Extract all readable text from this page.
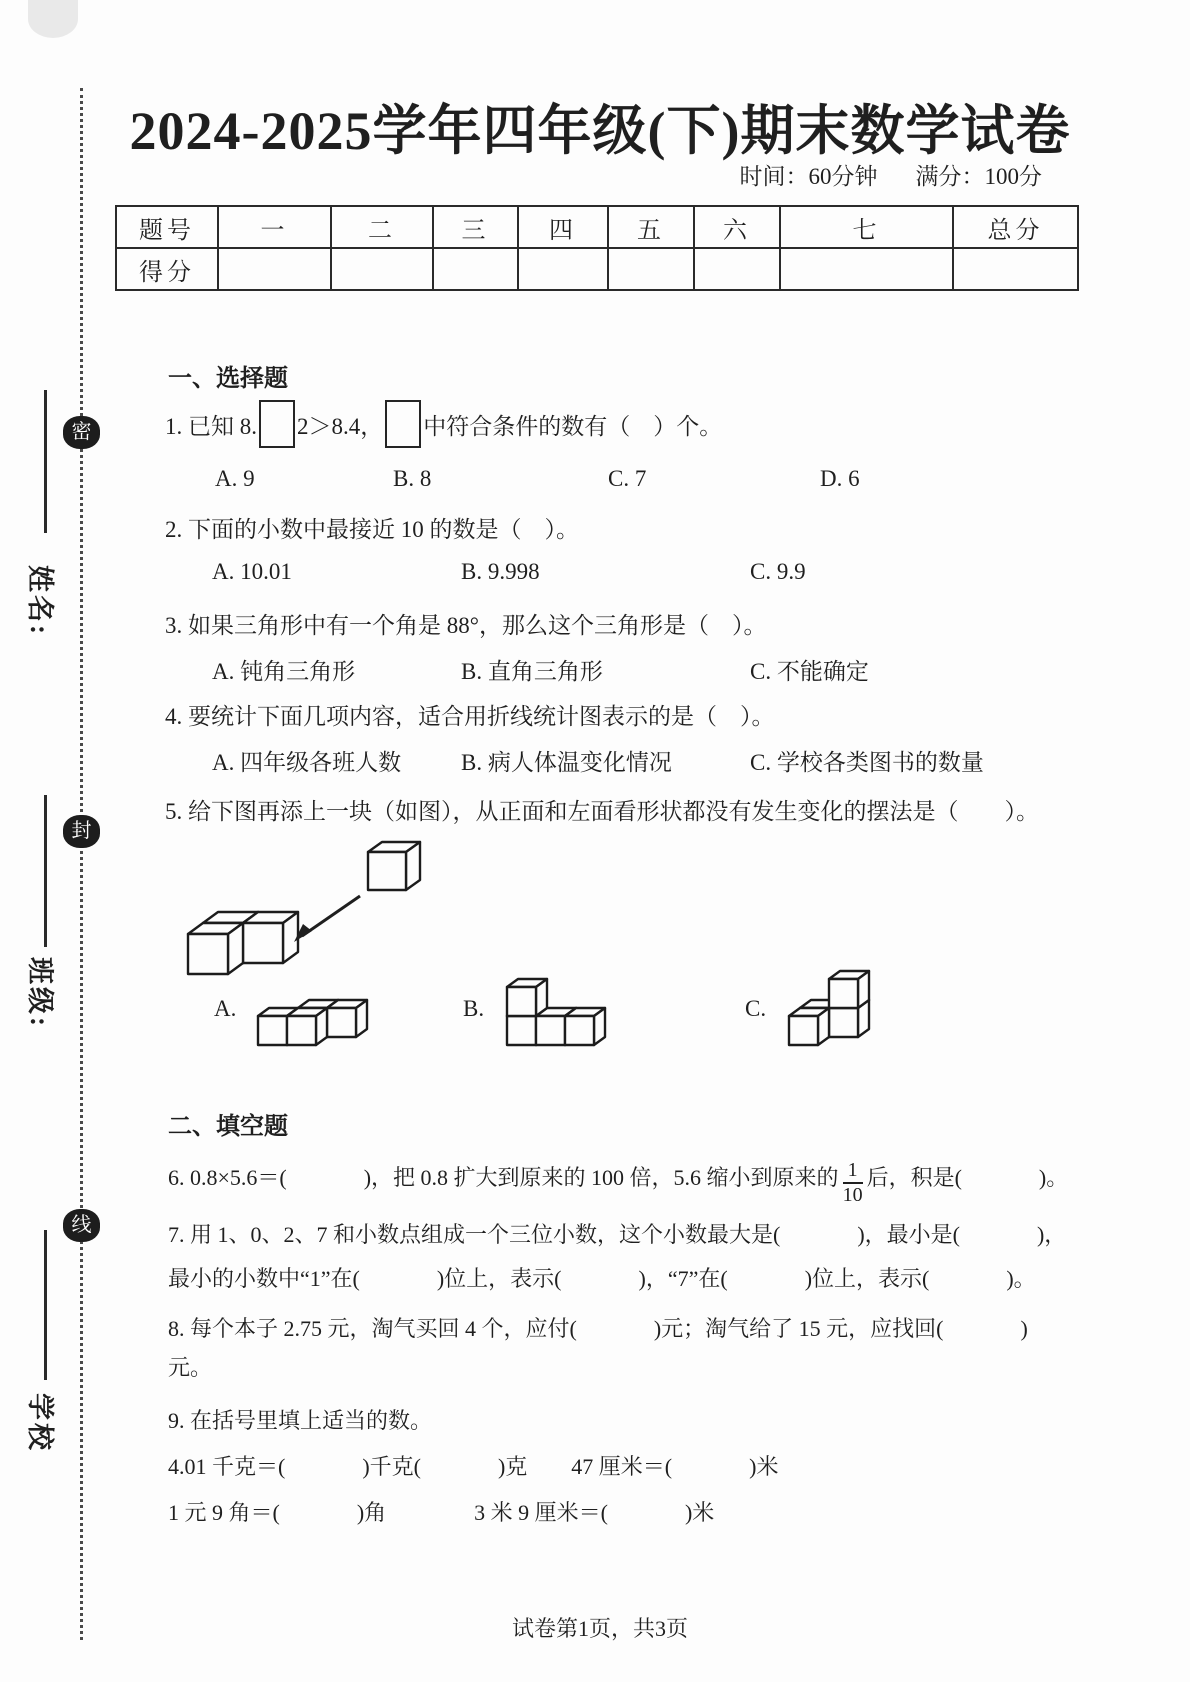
密
封
线
姓名:
班级:
学校
2024-2025学年四年级(下)期末数学试卷
时间：60分钟 满分：100分
题号	一	二	三	四	五	六	七	总分
得分								
一、选择题
1. 已知 8. 2＞8.4， 中符合条件的数有（　）个。
A. 9	B. 8	C. 7	D. 6
2. 下面的小数中最接近 10 的数是（　）。
A. 10.01	B. 9.998	C. 9.9
3. 如果三角形中有一个角是 88°，那么这个三角形是（　）。
A. 钝角三角形	B. 直角三角形	C. 不能确定
4. 要统计下面几项内容，适合用折线统计图表示的是（　）。
A. 四年级各班人数	B. 病人体温变化情况	C. 学校各类图书的数量
5. 给下图再添上一块（如图），从正面和左面看形状都没有发生变化的摆法是（　　）。
A.	B.	C.
二、填空题
6. 0.8×5.6＝(              )，把 0.8 扩大到原来的 100 倍，5.6 缩小到原来的 $\frac{1}{10}$ 后，积是(              )。
7. 用 1、0、2、7 和小数点组成一个三位小数，这个小数最大是(              )，最小是(              )，
最小的小数中“1”在(              )位上，表示(              )，“7”在(              )位上，表示(              )。
8. 每个本子 2.75 元，淘气买回 4 个，应付(              )元；淘气给了 15 元，应找回(              )
元。
9. 在括号里填上适当的数。
4.01 千克＝(              )千克(              )克        47 厘米＝(              )米
1 元 9 角＝(              )角                3 米 9 厘米＝(              )米
试卷第1页，共3页
